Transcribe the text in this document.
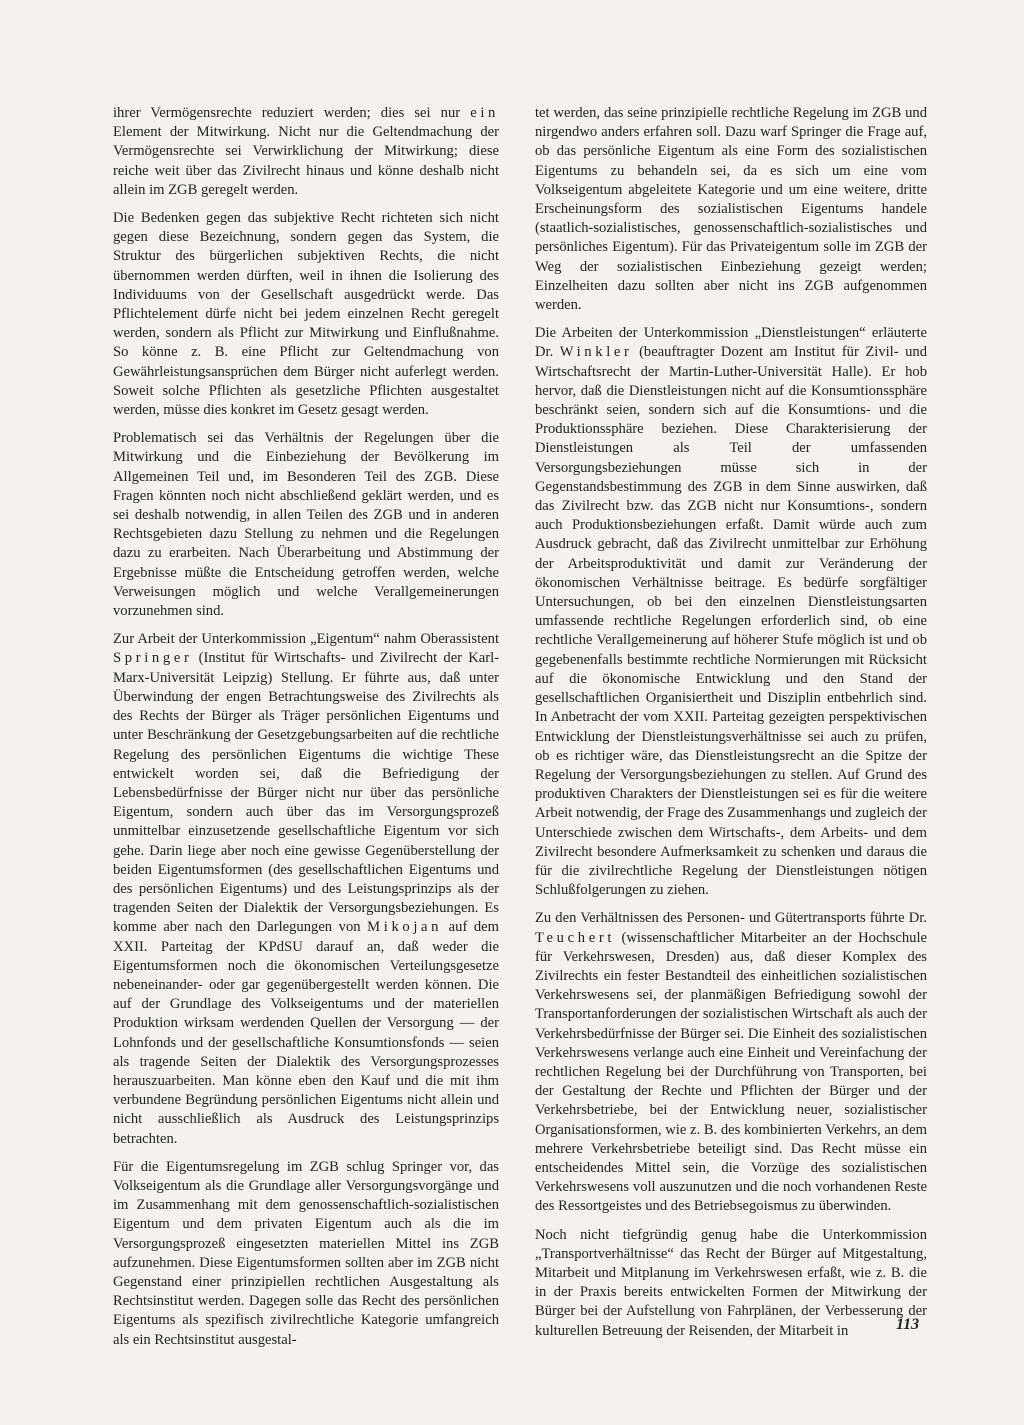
ihrer Vermögensrechte reduziert werden; dies sei nur ein Element der Mitwirkung. Nicht nur die Geltendmachung der Vermögensrechte sei Verwirklichung der Mitwirkung; diese reiche weit über das Zivilrecht hinaus und könne deshalb nicht allein im ZGB geregelt werden.

Die Bedenken gegen das subjektive Recht richteten sich nicht gegen diese Bezeichnung, sondern gegen das System, die Struktur des bürgerlichen subjektiven Rechts, die nicht übernommen werden dürften, weil in ihnen die Isolierung des Individuums von der Gesellschaft ausgedrückt werde. Das Pflichtelement dürfe nicht bei jedem einzelnen Recht geregelt werden, sondern als Pflicht zur Mitwirkung und Einflußnahme. So könne z. B. eine Pflicht zur Geltendmachung von Gewährleistungsansprüchen dem Bürger nicht auferlegt werden. Soweit solche Pflichten als gesetzliche Pflichten ausgestaltet werden, müsse dies konkret im Gesetz gesagt werden.

Problematisch sei das Verhältnis der Regelungen über die Mitwirkung und die Einbeziehung der Bevölkerung im Allgemeinen Teil und, im Besonderen Teil des ZGB. Diese Fragen könnten noch nicht abschließend geklärt werden, und es sei deshalb notwendig, in allen Teilen des ZGB und in anderen Rechtsgebieten dazu Stellung zu nehmen und die Regelungen dazu zu erarbeiten. Nach Überarbeitung und Abstimmung der Ergebnisse müßte die Entscheidung getroffen werden, welche Verweisungen möglich und welche Verallgemeinerungen vorzunehmen sind.

Zur Arbeit der Unterkommission „Eigentum“ nahm Oberassistent Springer (Institut für Wirtschafts- und Zivilrecht der Karl-Marx-Universität Leipzig) Stellung. Er führte aus, daß unter Überwindung der engen Betrachtungsweise des Zivilrechts als des Rechts der Bürger als Träger persönlichen Eigentums und unter Beschränkung der Gesetzgebungsarbeiten auf die rechtliche Regelung des persönlichen Eigentums die wichtige These entwickelt worden sei, daß die Befriedigung der Lebensbedürfnisse der Bürger nicht nur über das persönliche Eigentum, sondern auch über das im Versorgungsprozeß unmittelbar einzusetzende gesellschaftliche Eigentum vor sich gehe. Darin liege aber noch eine gewisse Gegenüberstellung der beiden Eigentumsformen (des gesellschaftlichen Eigentums und des persönlichen Eigentums) und des Leistungsprinzips als der tragenden Seiten der Dialektik der Versorgungsbeziehungen. Es komme aber nach den Darlegungen von Mikojan auf dem XXII. Parteitag der KPdSU darauf an, daß weder die Eigentumsformen noch die ökonomischen Verteilungsgesetze nebeneinander- oder gar gegenübergestellt werden können. Die auf der Grundlage des Volkseigentums und der materiellen Produktion wirksam werdenden Quellen der Versorgung — der Lohnfonds und der gesellschaftliche Konsumtionsfonds — seien als tragende Seiten der Dialektik des Versorgungsprozesses herauszuarbeiten. Man könne eben den Kauf und die mit ihm verbundene Begründung persönlichen Eigentums nicht allein und nicht ausschließlich als Ausdruck des Leistungsprinzips betrachten.

Für die Eigentumsregelung im ZGB schlug Springer vor, das Volkseigentum als die Grundlage aller Versorgungsvorgänge und im Zusammenhang mit dem genossenschaftlich-sozialistischen Eigentum und dem privaten Eigentum auch als die im Versorgungsprozeß eingesetzten materiellen Mittel ins ZGB aufzunehmen. Diese Eigentumsformen sollten aber im ZGB nicht Gegenstand einer prinzipiellen rechtlichen Ausgestaltung als Rechtsinstitut werden. Dagegen solle das Recht des persönlichen Eigentums als spezifisch zivilrechtliche Kategorie umfangreich als ein Rechtsinstitut ausgestal-

tet werden, das seine prinzipielle rechtliche Regelung im ZGB und nirgendwo anders erfahren soll. Dazu warf Springer die Frage auf, ob das persönliche Eigentum als eine Form des sozialistischen Eigentums zu behandeln sei, da es sich um eine vom Volkseigentum abgeleitete Kategorie und um eine weitere, dritte Erscheinungsform des sozialistischen Eigentums handele (staatlich-sozialistisches, genossenschaftlich-sozialistisches und persönliches Eigentum). Für das Privateigentum solle im ZGB der Weg der sozialistischen Einbeziehung gezeigt werden; Einzelheiten dazu sollten aber nicht ins ZGB aufgenommen werden.

Die Arbeiten der Unterkommission „Dienstleistungen“ erläuterte Dr. Winkler (beauftragter Dozent am Institut für Zivil- und Wirtschaftsrecht der Martin-Luther-Universität Halle). Er hob hervor, daß die Dienstleistungen nicht auf die Konsumtionssphäre beschränkt seien, sondern sich auf die Konsumtions- und die Produktionssphäre beziehen. Diese Charakterisierung der Dienstleistungen als Teil der umfassenden Versorgungsbeziehungen müsse sich in der Gegenstandsbestimmung des ZGB in dem Sinne auswirken, daß das Zivilrecht bzw. das ZGB nicht nur Konsumtions-, sondern auch Produktionsbeziehungen erfaßt. Damit würde auch zum Ausdruck gebracht, daß das Zivilrecht unmittelbar zur Erhöhung der Arbeitsproduktivität und damit zur Veränderung der ökonomischen Verhältnisse beitrage. Es bedürfe sorgfältiger Untersuchungen, ob bei den einzelnen Dienstleistungsarten umfassende rechtliche Regelungen erforderlich sind, ob eine rechtliche Verallgemeinerung auf höherer Stufe möglich ist und ob gegebenenfalls bestimmte rechtliche Normierungen mit Rücksicht auf die ökonomische Entwicklung und den Stand der gesellschaftlichen Organisiertheit und Disziplin entbehrlich sind. In Anbetracht der vom XXII. Parteitag gezeigten perspektivischen Entwicklung der Dienstleistungsverhältnisse sei auch zu prüfen, ob es richtiger wäre, das Dienstleistungsrecht an die Spitze der Regelung der Versorgungsbeziehungen zu stellen. Auf Grund des produktiven Charakters der Dienstleistungen sei es für die weitere Arbeit notwendig, der Frage des Zusammenhangs und zugleich der Unterschiede zwischen dem Wirtschafts-, dem Arbeits- und dem Zivilrecht besondere Aufmerksamkeit zu schenken und daraus die für die zivilrechtliche Regelung der Dienstleistungen nötigen Schlußfolgerungen zu ziehen.

Zu den Verhältnissen des Personen- und Gütertransports führte Dr. Teuchert (wissenschaftlicher Mitarbeiter an der Hochschule für Verkehrswesen, Dresden) aus, daß dieser Komplex des Zivilrechts ein fester Bestandteil des einheitlichen sozialistischen Verkehrswesens sei, der planmäßigen Befriedigung sowohl der Transportanforderungen der sozialistischen Wirtschaft als auch der Verkehrsbedürfnisse der Bürger sei. Die Einheit des sozialistischen Verkehrswesens verlange auch eine Einheit und Vereinfachung der rechtlichen Regelung bei der Durchführung von Transporten, bei der Gestaltung der Rechte und Pflichten der Bürger und der Verkehrsbetriebe, bei der Entwicklung neuer, sozialistischer Organisationsformen, wie z. B. des kombinierten Verkehrs, an dem mehrere Verkehrsbetriebe beteiligt sind. Das Recht müsse ein entscheidendes Mittel sein, die Vorzüge des sozialistischen Verkehrswesens voll auszunutzen und die noch vorhandenen Reste des Ressortgeistes und des Betriebsegoismus zu überwinden.

Noch nicht tiefgründig genug habe die Unterkommission „Transportverhältnisse“ das Recht der Bürger auf Mitgestaltung, Mitarbeit und Mitplanung im Verkehrswesen erfaßt, wie z. B. die in der Praxis bereits entwickelten Formen der Mitwirkung der Bürger bei der Aufstellung von Fahrplänen, der Verbesserung der kulturellen Betreuung der Reisenden, der Mitarbeit in	113
